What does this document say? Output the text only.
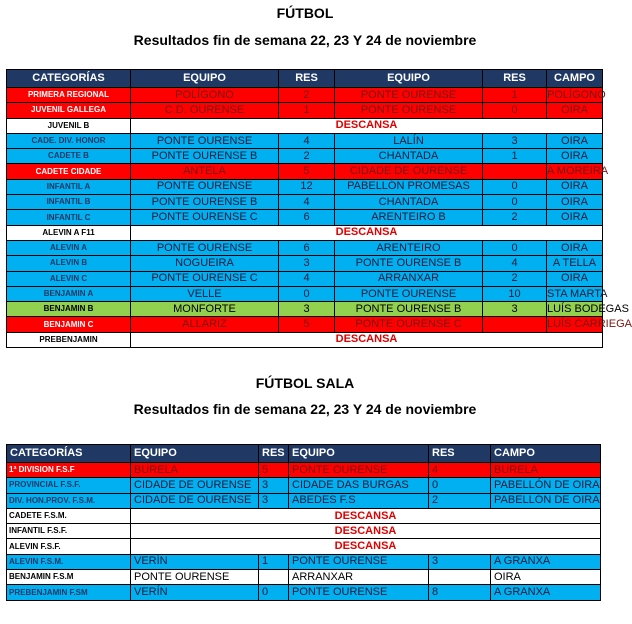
FÚTBOL
Resultados fin de semana 22, 23 Y 24 de noviembre
CATEGORÍAS	EQUIPO	RES	EQUIPO	RES	CAMPO
PRIMERA REGIONAL	POLÍGONO	2	PONTE OURENSE	1	POLÍGONO
JUVENIL GALLEGA	C.D. OURENSE	1	PONTE OURENSE	0	OIRA
JUVENIL B	DESCANSA				
CADE. DIV. HONOR	PONTE OURENSE	4	LALÍN	3	OIRA
CADETE B	PONTE OURENSE B	2	CHANTADA	1	OIRA
CADETE CIDADE	ANTELA	5	CIDADE DE OURENSE		A MOREIRA
INFANTIL A	PONTE OURENSE	12	PABELLÓN PROMESAS	0	OIRA
INFANTIL B	PONTE OURENSE B	4	CHANTADA	0	OIRA
INFANTIL C	PONTE OURENSE C	6	ARENTEIRO B	2	OIRA
ALEVIN A F11	DESCANSA				
ALEVIN A	PONTE OURENSE	6	ARENTEIRO	0	OIRA
ALEVIN B	NOGUEIRA	3	PONTE OURENSE B	4	A TELLA
ALEVIN C	PONTE OURENSE C	4	ARRANXAR	2	OIRA
BENJAMIN A	VELLE	0	PONTE OURENSE	10	STA MARTA
BENJAMIN B	MONFORTE	3	PONTE OURENSE B	3	LUÍS BODEGAS
BENJAMIN C	ALLARIZ	5	PONTE OURENSE C		LUÍS CARRIEGA
PREBENJAMIN	DESCANSA				
FÚTBOL SALA
Resultados fin de semana 22, 23 Y 24 de noviembre
CATEGORÍAS	EQUIPO	RES	EQUIPO	RES	CAMPO
1ª DIVISION F.S.F	BURELA	5	PONTE OURENSE	4	BURELA
PROVINCIAL F.S.F.	CIDADE DE OURENSE	3	CIDADE DAS BURGAS	0	PABELLÓN DE OIRA
DIV. HON.PROV. F.S.M.	CIDADE DE OURENSE	3	ABEDES F.S	2	PABELLÓN DE OIRA
CADETE F.S.M.	DESCANSA				
INFANTIL F.S.F.	DESCANSA				
ALEVIN F.S.F.	DESCANSA				
ALEVIN F.S.M.	VERÍN	1	PONTE OURENSE	3	A GRANXA
BENJAMIN F.S.M	PONTE OURENSE		ARRANXAR		OIRA
PREBENJAMIN F.SM	VERÍN	0	PONTE OURENSE	8	A GRANXA
